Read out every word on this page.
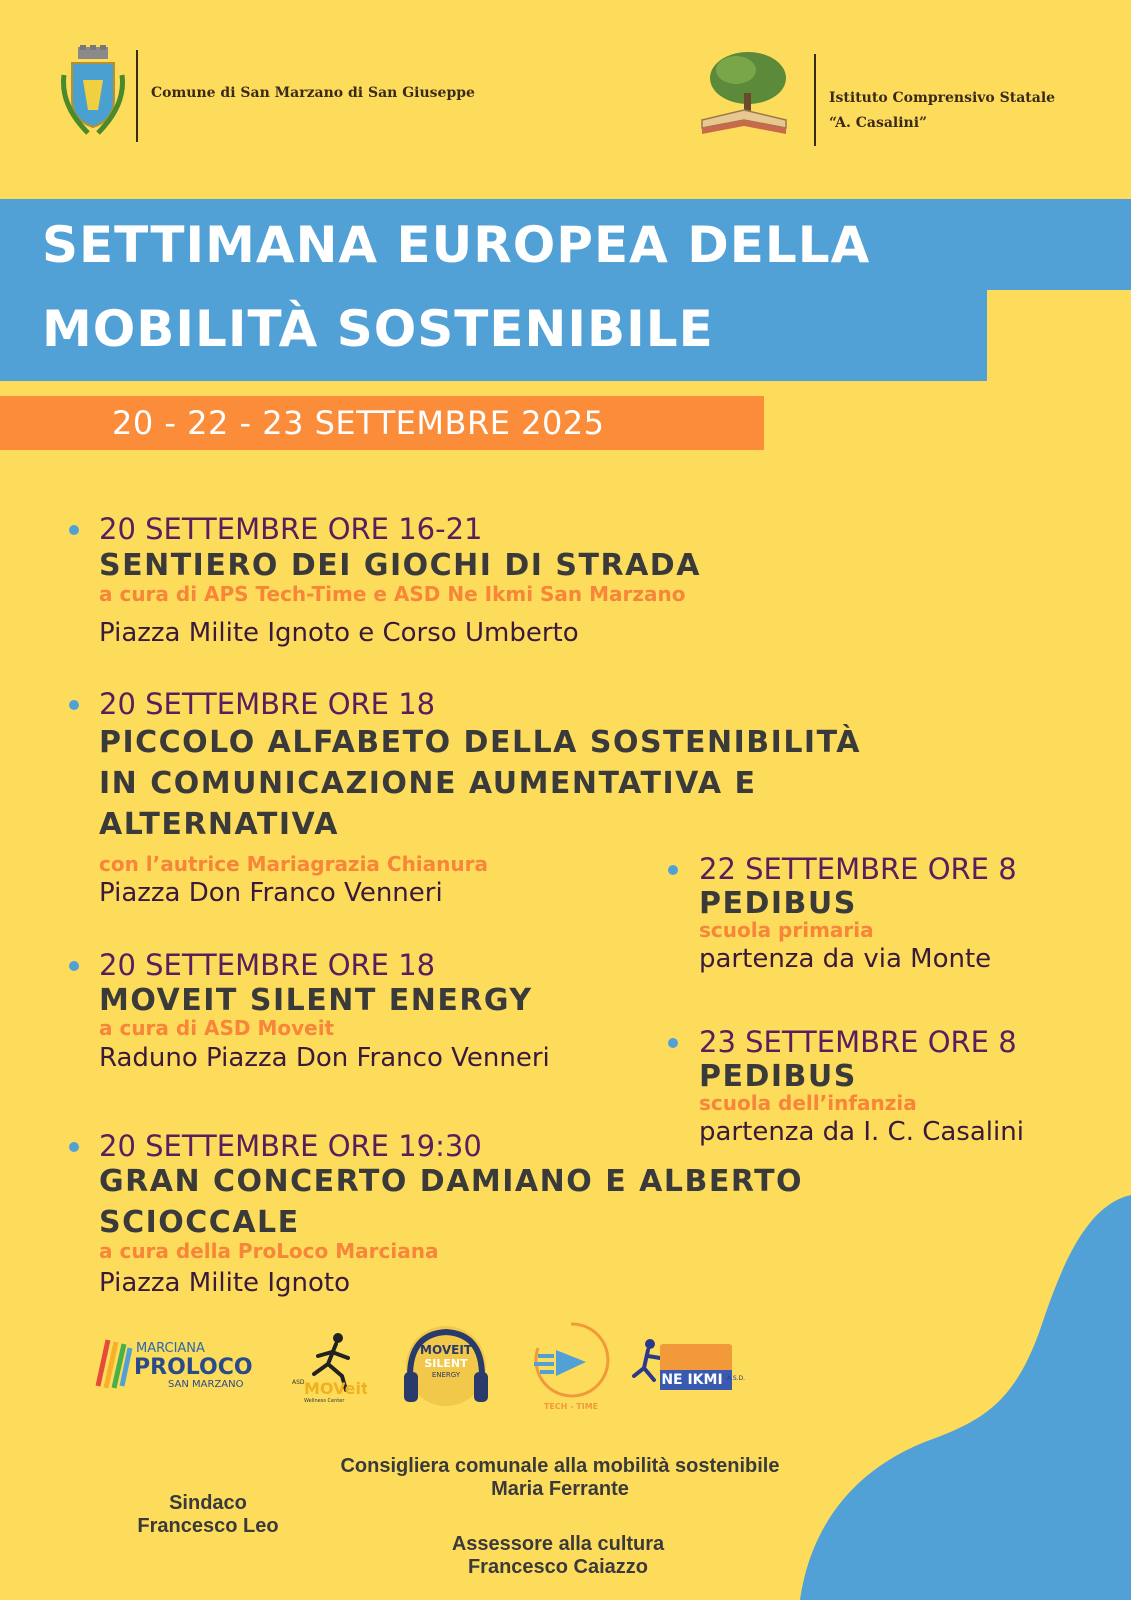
Comune di San Marzano di San Giuseppe	Istituto Comprensivo Statale
“A. Casalini”
SETTIMANA EUROPEA DELLA
MOBILITÀ SOSTENIBILE
20 - 22 - 23 SETTEMBRE 2025
20 SETTEMBRE ORE 16-21
SENTIERO DEI GIOCHI DI STRADA
a cura di APS Tech-Time e ASD Ne Ikmi San Marzano
Piazza Milite Ignoto e Corso Umberto
20 SETTEMBRE ORE 18
PICCOLO ALFABETO DELLA SOSTENIBILITÀ
IN COMUNICAZIONE AUMENTATIVA E
ALTERNATIVA
con l’autrice Mariagrazia Chianura
Piazza Don Franco Venneri
20 SETTEMBRE ORE 18
MOVEIT SILENT ENERGY
a cura di ASD Moveit
Raduno Piazza Don Franco Venneri
20 SETTEMBRE ORE 19:30
GRAN CONCERTO DAMIANO E ALBERTO
SCIOCCALE
a cura della ProLoco Marciana
Piazza Milite Ignoto
22 SETTEMBRE ORE 8
PEDIBUS
scuola primaria
partenza da via Monte
23 SETTEMBRE ORE 8
PEDIBUS
scuola dell’infanzia
partenza da I. C. Casalini
MARCIANA
PROLOCO
SAN MARZANO	ASD MOVeit
Wellness Center
MOVEIT
SILENT
ENERGY
TECH - TIME
NE IKMI A.S.D.
Consigliera comunale alla mobilità sostenibile
Maria Ferrante
Sindaco
Francesco Leo
Assessore alla cultura
Francesco Caiazzo
